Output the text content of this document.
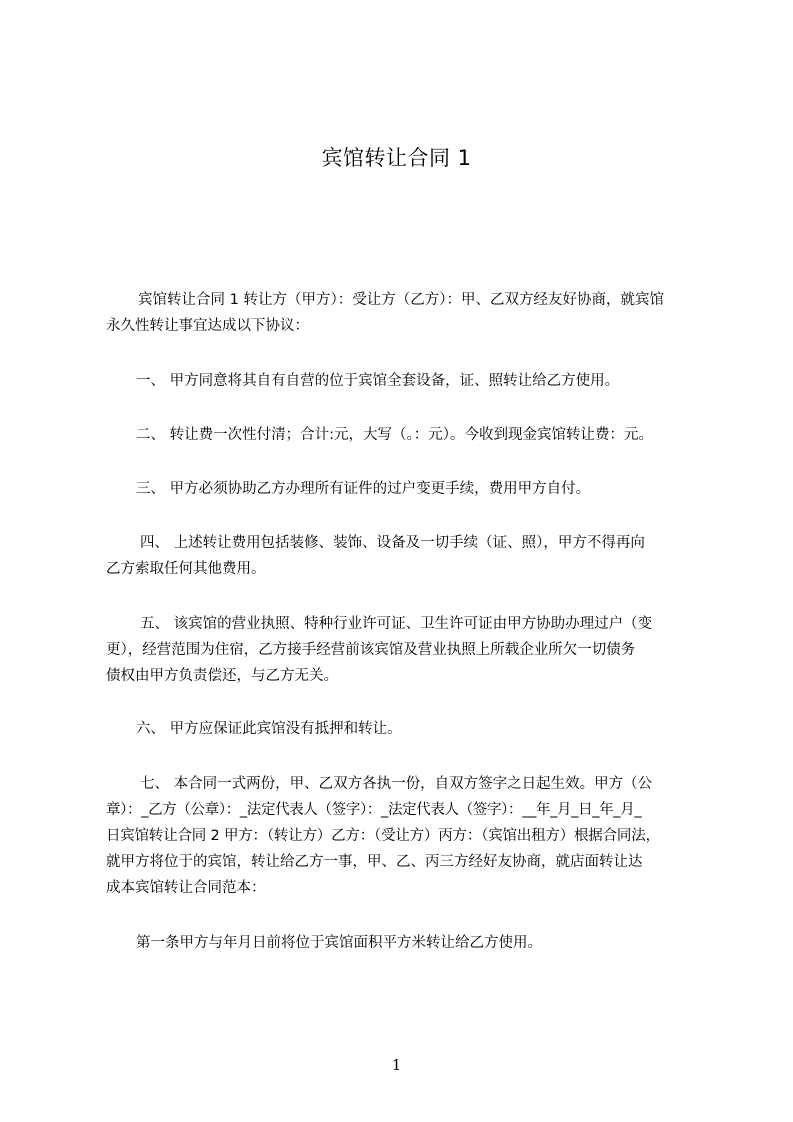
宾馆转让合同 1
宾馆转让合同 1 转让方（甲方）：受让方（乙方）：甲、乙双方经友好协商，就宾馆
永久性转让事宜达成以下协议：
一、 甲方同意将其自有自营的位于宾馆全套设备，证、照转让给乙方使用。
二、 转让费一次性付清；合计:元，大写（。：元）。今收到现金宾馆转让费：元。
三、 甲方必须协助乙方办理所有证件的过户变更手续，费用甲方自付。
四、 上述转让费用包括装修、装饰、设备及一切手续（证、照），甲方不得再向
乙方索取任何其他费用。
五、 该宾馆的营业执照、特种行业许可证、卫生许可证由甲方协助办理过户（变
更），经营范围为住宿，乙方接手经营前该宾馆及营业执照上所载企业所欠一切债务
债权由甲方负责偿还，与乙方无关。
六、 甲方应保证此宾馆没有抵押和转让。
七、 本合同一式两份，甲、乙双方各执一份，自双方签字之日起生效。甲方（公
章）：_乙方（公章）：_法定代表人（签字）：_法定代表人（签字）：__年_月_日_年_月_
日宾馆转让合同 2 甲方：（转让方）乙方：（受让方）丙方：（宾馆出租方）根据合同法，
就甲方将位于的宾馆，转让给乙方一事，甲、乙、丙三方经好友协商，就店面转让达
成本宾馆转让合同范本：
第一条甲方与年月日前将位于宾馆面积平方米转让给乙方使用。
1
